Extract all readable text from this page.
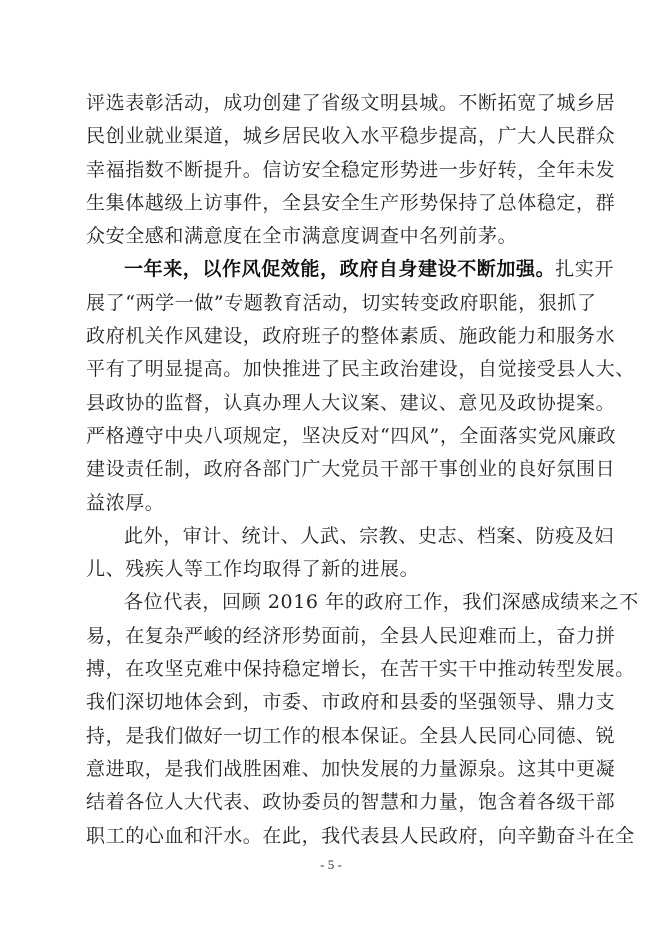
评选表彰活动，成功创建了省级文明县城。不断拓宽了城乡居
民创业就业渠道，城乡居民收入水平稳步提高，广大人民群众
幸福指数不断提升。信访安全稳定形势进一步好转，全年未发
生集体越级上访事件，全县安全生产形势保持了总体稳定，群
众安全感和满意度在全市满意度调查中名列前茅。
一年来，以作风促效能，政府自身建设不断加强。扎实开
展了“两学一做”专题教育活动，切实转变政府职能，狠抓了
政府机关作风建设，政府班子的整体素质、施政能力和服务水
平有了明显提高。加快推进了民主政治建设，自觉接受县人大、
县政协的监督，认真办理人大议案、建议、意见及政协提案。
严格遵守中央八项规定，坚决反对“四风”，全面落实党风廉政
建设责任制，政府各部门广大党员干部干事创业的良好氛围日
益浓厚。
此外，审计、统计、人武、宗教、史志、档案、防疫及妇
儿、残疾人等工作均取得了新的进展。
各位代表，回顾 2016 年的政府工作，我们深感成绩来之不
易，在复杂严峻的经济形势面前，全县人民迎难而上，奋力拼
搏，在攻坚克难中保持稳定增长，在苦干实干中推动转型发展。
我们深切地体会到，市委、市政府和县委的坚强领导、鼎力支
持，是我们做好一切工作的根本保证。全县人民同心同德、锐
意进取，是我们战胜困难、加快发展的力量源泉。这其中更凝
结着各位人大代表、政协委员的智慧和力量，饱含着各级干部
职工的心血和汗水。在此，我代表县人民政府，向辛勤奋斗在全
- 5 -
